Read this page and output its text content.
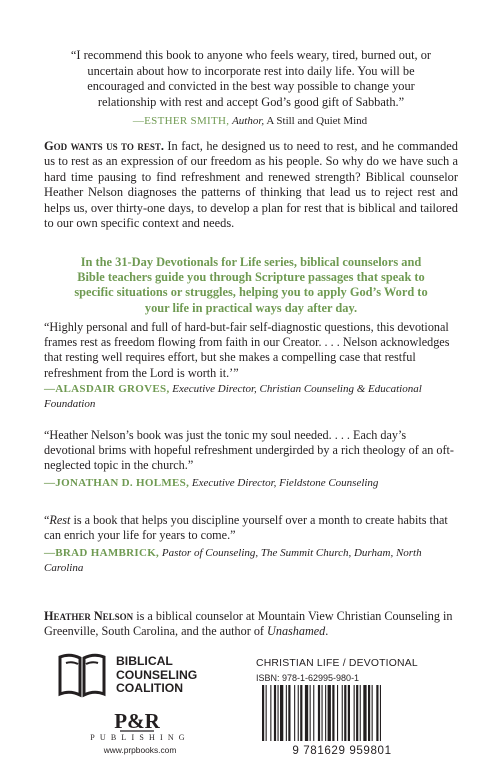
“I recommend this book to anyone who feels weary, tired, burned out, or uncertain about how to incorporate rest into daily life. You will be encouraged and convicted in the best way possible to change your relationship with rest and accept God’s good gift of Sabbath.”
—ESTHER SMITH, Author, A Still and Quiet Mind
God wants us to rest. In fact, he designed us to need to rest, and he commanded us to rest as an expression of our freedom as his people. So why do we have such a hard time pausing to find refreshment and renewed strength? Biblical counselor Heather Nelson diagnoses the patterns of thinking that lead us to reject rest and helps us, over thirty-one days, to develop a plan for rest that is biblical and tailored to our own specific context and needs.
In the 31-Day Devotionals for Life series, biblical counselors and Bible teachers guide you through Scripture passages that speak to specific situations or struggles, helping you to apply God’s Word to your life in practical ways day after day.
“Highly personal and full of hard-but-fair self-diagnostic questions, this devotional frames rest as freedom flowing from faith in our Creator. . . . Nelson acknowledges that resting well requires effort, but she makes a compelling case that restful refreshment from the Lord is worth it.’”
—ALASDAIR GROVES, Executive Director, Christian Counseling & Educational Foundation
“Heather Nelson’s book was just the tonic my soul needed. . . . Each day’s devotional brims with hopeful refreshment undergirded by a rich theology of an oft-neglected topic in the church.”
—JONATHAN D. HOLMES, Executive Director, Fieldstone Counseling
“Rest is a book that helps you discipline yourself over a month to create habits that can enrich your life for years to come.”
—BRAD HAMBRICK, Pastor of Counseling, The Summit Church, Durham, North Carolina
Heather Nelson is a biblical counselor at Mountain View Christian Counseling in Greenville, South Carolina, and the author of Unashamed.
BIBLICAL
COUNSELING
COALITION
P&R
PUBLISHING
www.prpbooks.com
CHRISTIAN LIFE / DEVOTIONAL
ISBN: 978-1-62995-980-1
9 781629 959801
